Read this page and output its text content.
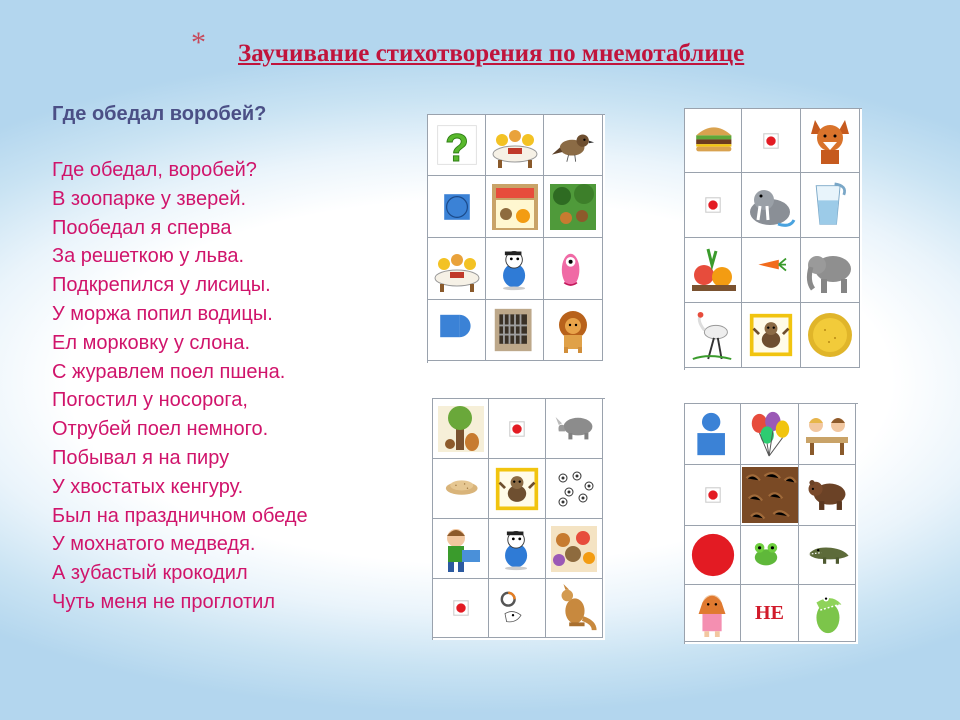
* Заучивание стихотворения по мнемотаблице
Где обедал воробей?
Где обедал, воробей?
В зоопарке у зверей.
Пообедал я сперва
За решеткою у льва.
Подкрепился у лисицы.
У моржа попил водицы.
Ел морковку у слона.
С журавлем поел пшена.
Погостил у носорога,
Отрубей поел немного.
Побывал я на пиру
У хвостатых кенгуру.
Был на праздничном обеде
У мохнатого медведя.
А зубастый крокодил
Чуть меня не проглотил
?
НЕ
